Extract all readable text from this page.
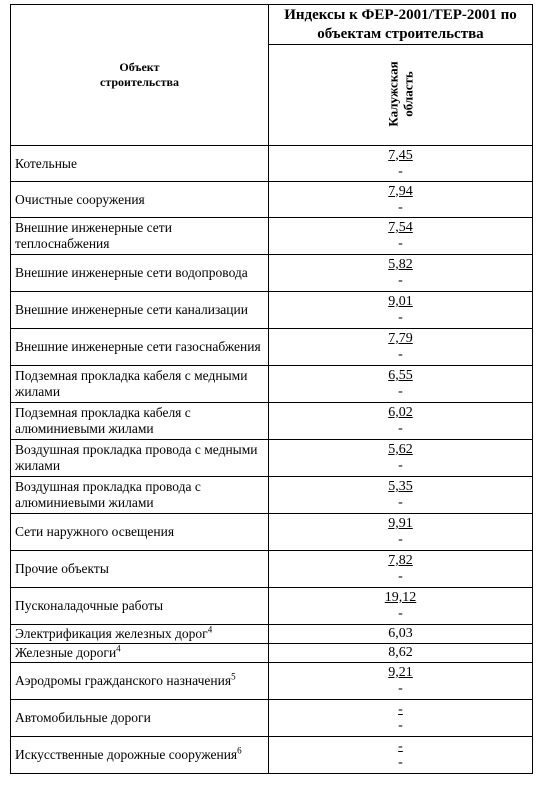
Объект
строительства	Индексы к ФЕР-2001/ТЕР-2001 по объектам строительства

	Калужская
область
Котельные	7,45
-

Очистные сооружения	7,94
-

Внешние инженерные сети теплоснабжения	7,54
-

Внешние инженерные сети водопровода	5,82
-

Внешние инженерные сети канализации	9,01
-

Внешние инженерные сети газоснабжения	7,79
-

Подземная прокладка кабеля с медными жилами	6,55
-

Подземная прокладка кабеля с алюминиевыми жилами	6,02
-

Воздушная прокладка провода с медными жилами	5,62
-

Воздушная прокладка провода с алюминиевыми жилами	5,35
-

Сети наружного освещения	9,91
-

Прочие объекты	7,82
-

Пусконаладочные работы	19,12
-

Электрификация железных дорог$^4$	6,03

Железные дороги$^4$	8,62

Аэродромы гражданского назначения$^5$	9,21
-

Автомобильные дороги	-
-

Искусственные дорожные сооружения$^6$	-
-
